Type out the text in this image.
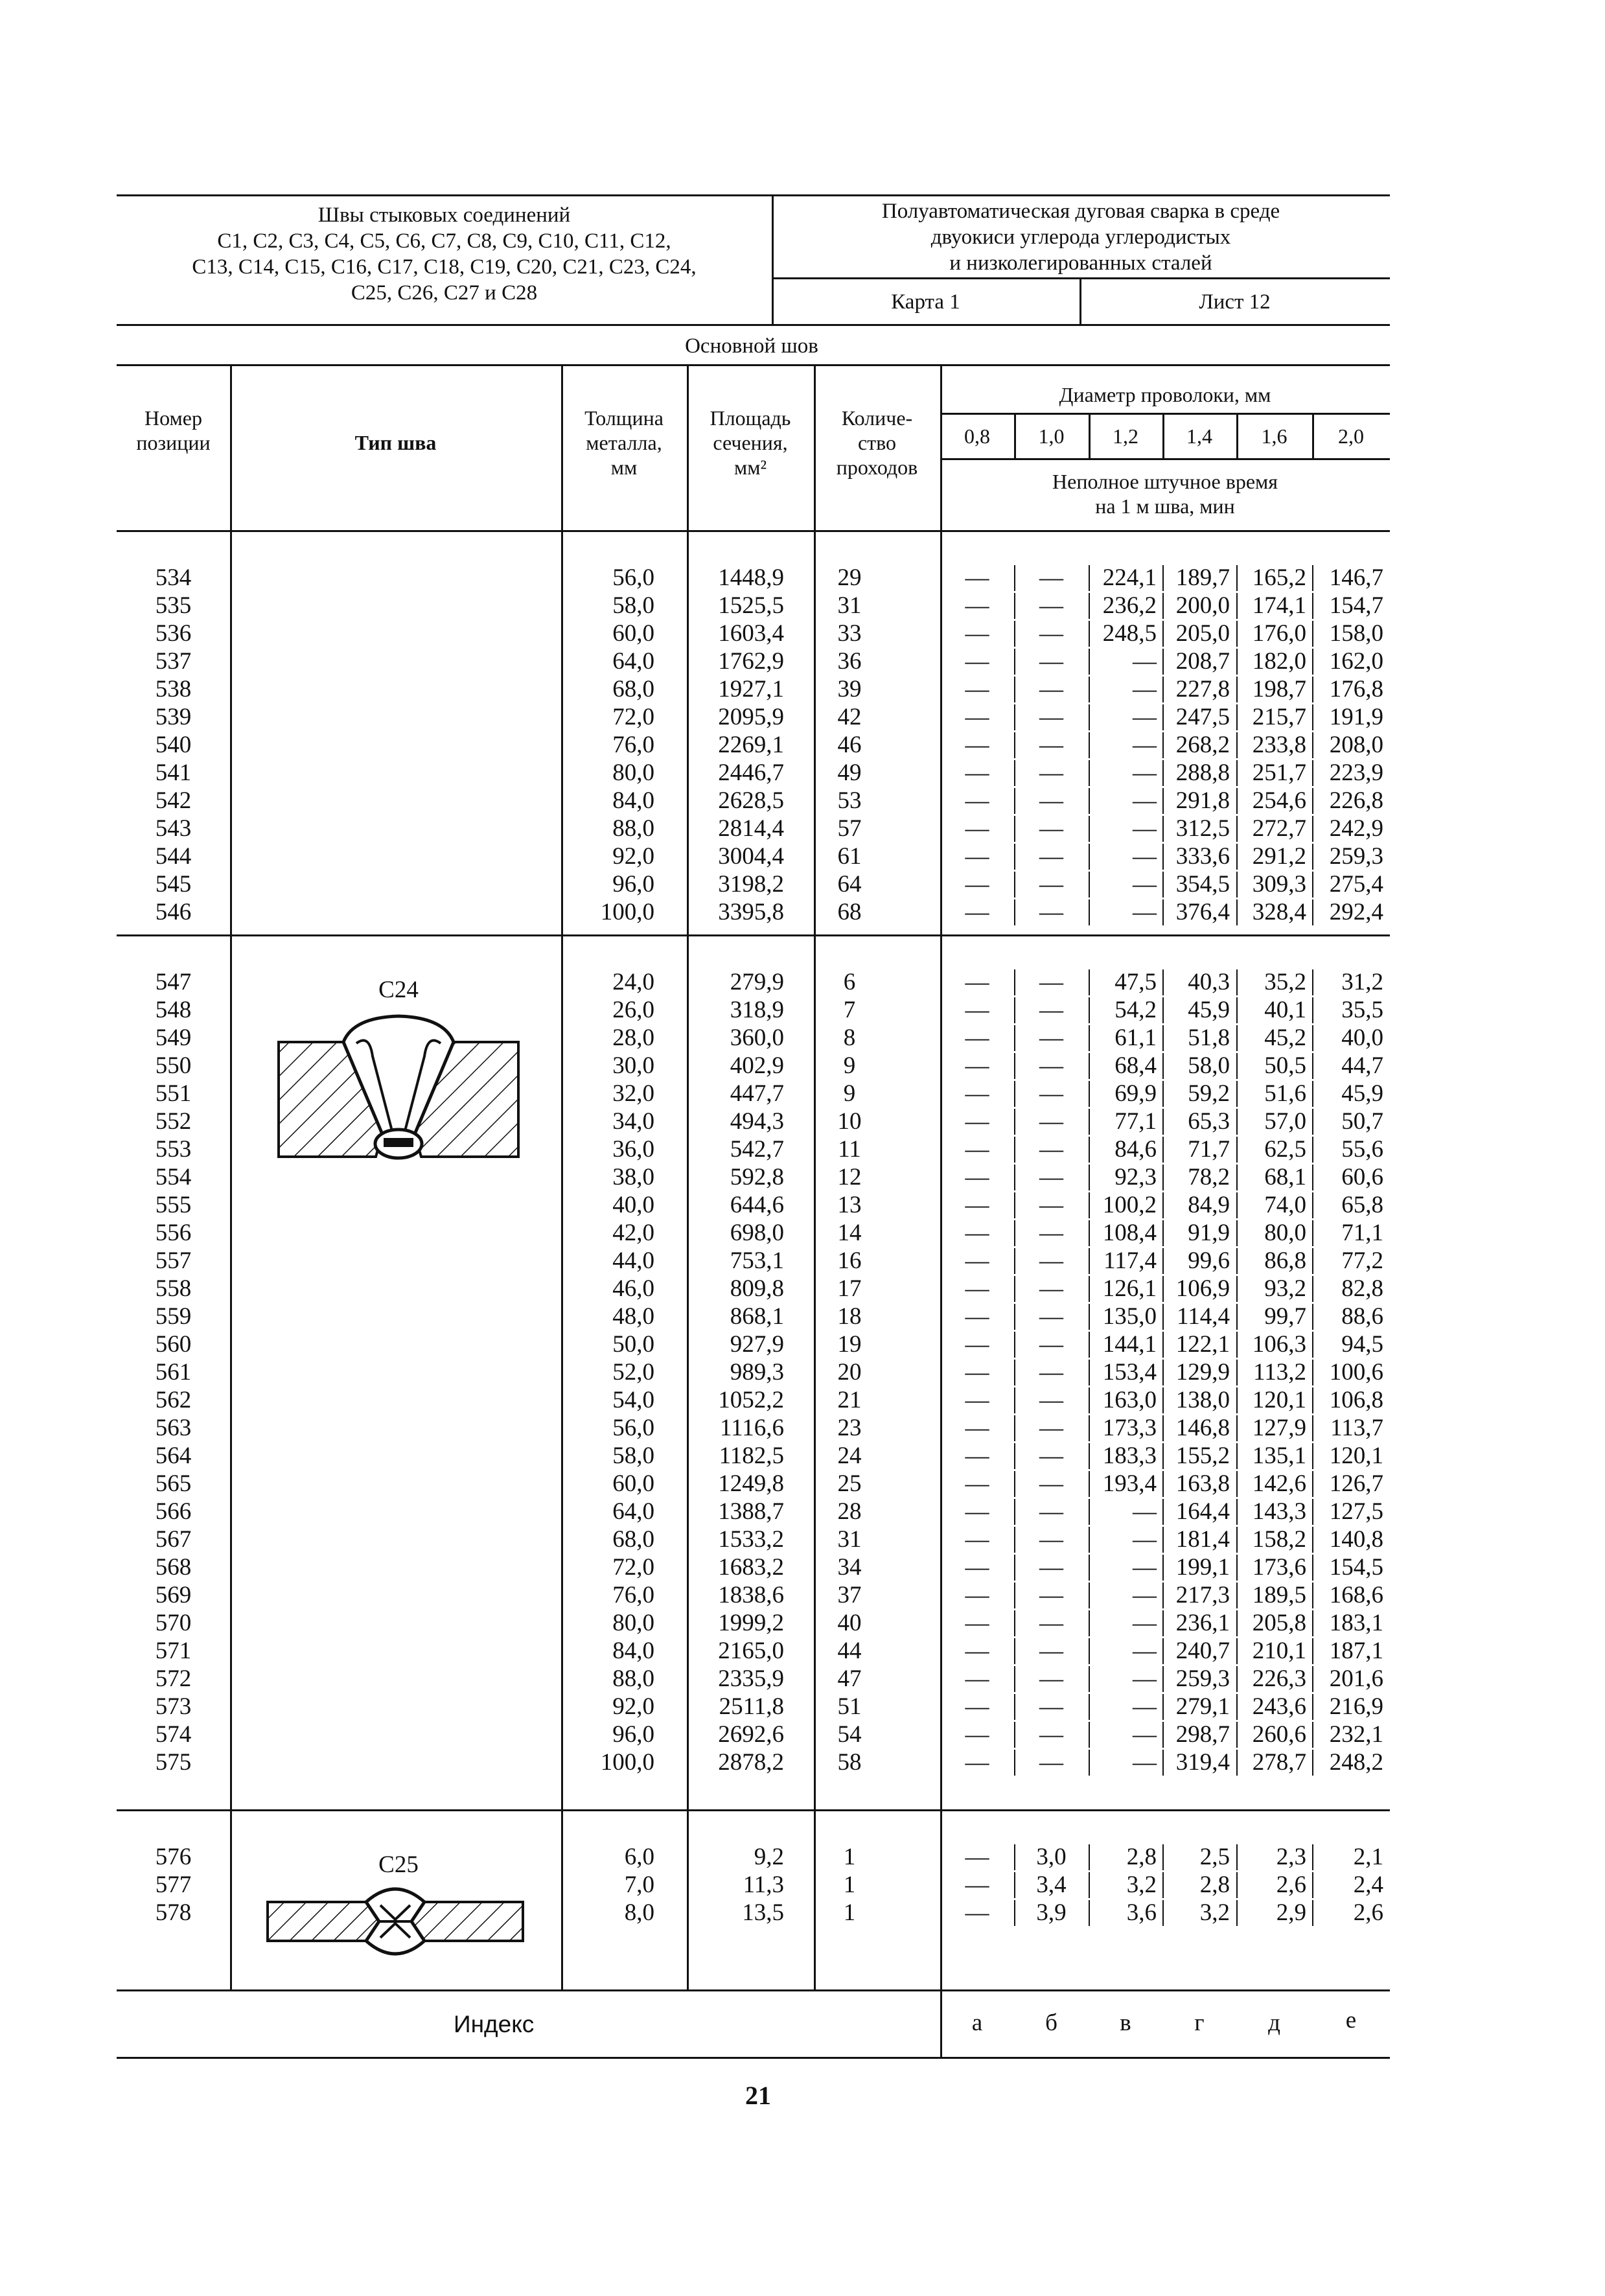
Швы стыковых соединений
С1, С2, С3, С4, С5, С6, С7, С8, С9, С10, С11, С12,
С13, С14, С15, С16, С17, С18, С19, С20, С21, С23, С24,
С25, С26, С27 и С28
Полуавтоматическая дуговая сварка в среде
двуокиси углерода углеродистых
и низколегированных сталей
Карта 1	Лист 12
Основной шов
Номер
позиции	Тип шва
Толщина
металла,
мм
Площадь
сечения,
мм²
Количе-
ство
проходов
Диаметр проволоки, мм
0,8	1,0	1,2	1,4	1,6	2,0
Неполное штучное время
на 1 м шва, мин
С24
С25
534	56,0	1448,9	29	—	—	224,1 189,7 165,2 146,7
535	58,0	1525,5	31	—	—	236,2 200,0 174,1 154,7
536	60,0	1603,4	33	—	—	248,5 205,0 176,0 158,0
537	64,0	1762,9	36	—	—	— 208,7 182,0 162,0
538	68,0	1927,1	39	—	—	— 227,8 198,7 176,8
539	72,0	2095,9	42	—	—	— 247,5 215,7 191,9
540	76,0	2269,1	46	—	—	— 268,2 233,8 208,0
541	80,0	2446,7	49	—	—	— 288,8 251,7 223,9
542	84,0	2628,5	53	—	—	— 291,8 254,6 226,8
543	88,0	2814,4	57	—	—	— 312,5 272,7 242,9
544	92,0	3004,4	61	—	—	— 333,6 291,2 259,3
545	96,0	3198,2	64	—	—	— 354,5 309,3 275,4
546	100,0	3395,8	68	—	—	— 376,4 328,4 292,4
547	24,0	279,9	6	—	—	47,5	40,3	35,2	31,2
548	26,0	318,9	7	—	—	54,2	45,9	40,1	35,5
549	28,0	360,0	8	—	—	61,1	51,8	45,2	40,0
550	30,0	402,9	9	—	—	68,4	58,0	50,5	44,7
551	32,0	447,7	9	—	—	69,9	59,2	51,6	45,9
552	34,0	494,3	10	—	—	77,1	65,3	57,0	50,7
553	36,0	542,7	11	—	—	84,6	71,7	62,5	55,6
554	38,0	592,8	12	—	—	92,3	78,2	68,1	60,6
555	40,0	644,6	13	—	—	100,2	84,9	74,0	65,8
556	42,0	698,0	14	—	—	108,4	91,9	80,0	71,1
557	44,0	753,1	16	—	—	117,4	99,6	86,8	77,2
558	46,0	809,8	17	—	—	126,1 106,9	93,2	82,8
559	48,0	868,1	18	—	—	135,0 114,4	99,7	88,6
560	50,0	927,9	19	—	—	144,1 122,1 106,3	94,5
561	52,0	989,3	20	—	—	153,4 129,9 113,2 100,6
562	54,0	1052,2	21	—	—	163,0 138,0 120,1 106,8
563	56,0	1116,6	23	—	—	173,3 146,8 127,9	113,7
564	58,0	1182,5	24	—	—	183,3 155,2 135,1 120,1
565	60,0	1249,8	25	—	—	193,4 163,8 142,6 126,7
566	64,0	1388,7	28	—	—	— 164,4 143,3 127,5
567	68,0	1533,2	31	—	—	— 181,4 158,2 140,8
568	72,0	1683,2	34	—	—	— 199,1 173,6 154,5
569	76,0	1838,6	37	—	—	— 217,3 189,5 168,6
570	80,0	1999,2	40	—	—	— 236,1 205,8 183,1
571	84,0	2165,0	44	—	—	— 240,7 210,1 187,1
572	88,0	2335,9	47	—	—	— 259,3 226,3 201,6
573	92,0	2511,8	51	—	—	— 279,1 243,6 216,9
574	96,0	2692,6	54	—	—	— 298,7 260,6 232,1
575	100,0	2878,2	58	—	—	— 319,4 278,7 248,2
576	6,0	9,2	1	—	3,0	2,8	2,5	2,3	2,1
577	7,0	11,3	1	—	3,4	3,2	2,8	2,6	2,4
578	8,0	13,5	1	—	3,9	3,6	3,2	2,9	2,6
Индекс	а	б	в	г	д	е
21
